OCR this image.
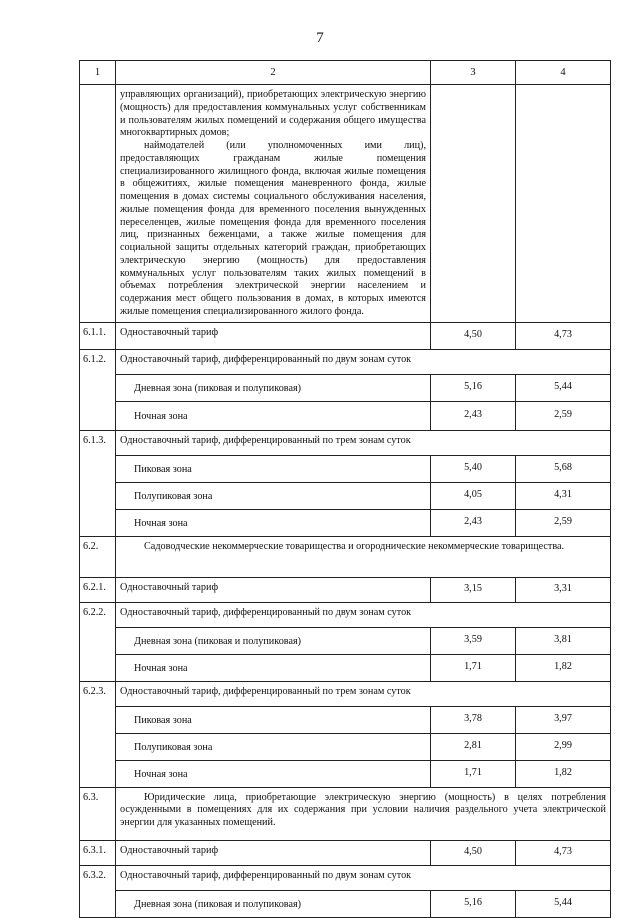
7
1	2	3	4

	управляющих организаций), приобретающих электрическую энергию (мощность) для предоставления коммунальных услуг собственникам и пользователям жилых помещений и содержания общего имущества многоквартирных домов;

наймодателей (или уполномоченных ими лиц), предоставляющих гражданам жилые помещения специализированного жилищного фонда, включая жилые помещения в общежитиях, жилые помещения маневренного фонда, жилые помещения в домах системы социального обслуживания населения, жилые помещения фонда для временного поселения вынужденных переселенцев, жилые помещения фонда для временного поселения лиц, признанных беженцами, а также жилые помещения для социальной защиты отдельных категорий граждан, приобретающих электрическую энергию (мощность) для предоставления коммунальных услуг пользователям таких жилых помещений в объемах потребления электрической энергии населением и содержания мест общего пользования в домах, в которых имеются жилые помещения специализированного жилого фонда.		

6.1.1.	Одноставочный тариф	4,50	4,73
6.1.2.	Одноставочный тариф, дифференцированный по двум зонам суток		
	Дневная зона (пиковая и полупиковая)	5,16	5,44
	Ночная зона	2,43	2,59
6.1.3.	Одноставочный тариф, дифференцированный по трем зонам суток		
	Пиковая зона	5,40	5,68
	Полупиковая зона	4,05	4,31
	Ночная зона	2,43	2,59
6.2.	Садоводческие некоммерческие товарищества и огороднические некоммерческие товарищества.		
6.2.1.	Одноставочный тариф	3,15	3,31
6.2.2.	Одноставочный тариф, дифференцированный по двум зонам суток		
	Дневная зона (пиковая и полупиковая)	3,59	3,81
	Ночная зона	1,71	1,82
6.2.3.	Одноставочный тариф, дифференцированный по трем зонам суток		
	Пиковая зона	3,78	3,97
	Полупиковая зона	2,81	2,99
	Ночная зона	1,71	1,82
6.3.	Юридические лица, приобретающие электрическую энергию (мощность) в целях потребления осужденными в помещениях для их содержания при условии наличия раздельного учета электрической энергии для указанных помещений.		
6.3.1.	Одноставочный тариф	4,50	4,73
6.3.2.	Одноставочный тариф, дифференцированный по двум зонам суток		
	Дневная зона (пиковая и полупиковая)	5,16	5,44
